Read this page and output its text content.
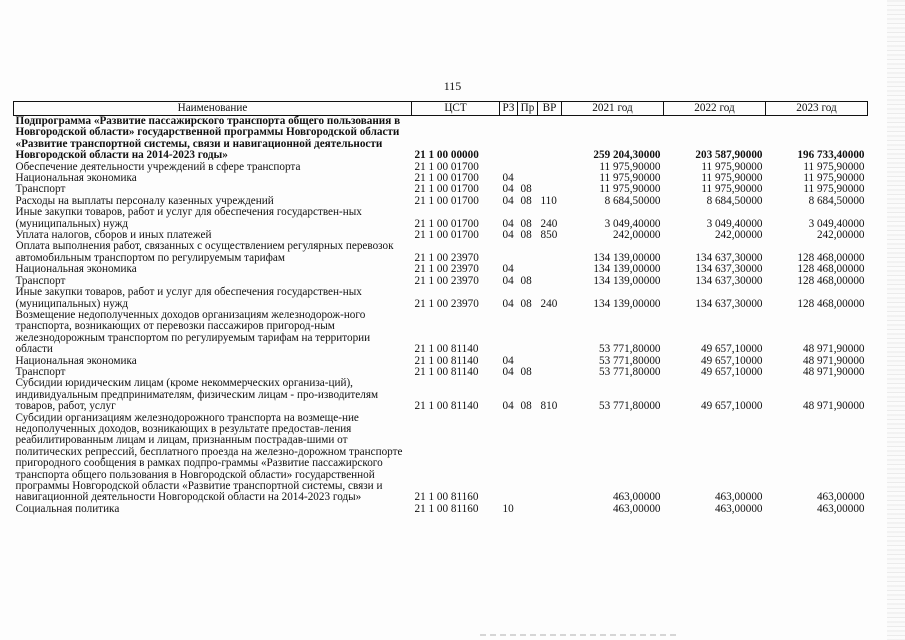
115
Наименование	ЦСТ	РЗ	Пр	ВР	2021 год	2022 год	2023 год
Подпрограмма «Развитие пассажирского транспорта общего пользования в Новгородской области» государственной программы Новгородской области «Развитие транспортной системы, связи и навигационной деятельности Новгородской области на 2014-2023 годы»	21 1 00 00000				259 204,30000	203 587,90000	196 733,40000
Обеспечение деятельности учреждений в сфере транспорта	21 1 00 01700				11 975,90000	11 975,90000	11 975,90000
Национальная экономика	21 1 00 01700	04			11 975,90000	11 975,90000	11 975,90000
Транспорт	21 1 00 01700	04	08		11 975,90000	11 975,90000	11 975,90000
Расходы на выплаты персоналу казенных учреждений	21 1 00 01700	04	08	110	8 684,50000	8 684,50000	8 684,50000
Иные закупки товаров, работ и услуг для обеспечения государствен-ных (муниципальных) нужд	21 1 00 01700	04	08	240	3 049,40000	3 049,40000	3 049,40000
Уплата налогов, сборов и иных платежей	21 1 00 01700	04	08	850	242,00000	242,00000	242,00000
Оплата выполнения работ, связанных с осуществлением регулярных перевозок автомобильным транспортом по регулируемым тарифам	21 1 00 23970				134 139,00000	134 637,30000	128 468,00000
Национальная экономика	21 1 00 23970	04			134 139,00000	134 637,30000	128 468,00000
Транспорт	21 1 00 23970	04	08		134 139,00000	134 637,30000	128 468,00000
Иные закупки товаров, работ и услуг для обеспечения государствен-ных (муниципальных) нужд	21 1 00 23970	04	08	240	134 139,00000	134 637,30000	128 468,00000
Возмещение недополученных доходов организациям железнодорож-ного транспорта, возникающих от перевозки пассажиров пригород-ным железнодорожным транспортом по регулируемым тарифам на территории области	21 1 00 81140				53 771,80000	49 657,10000	48 971,90000
Национальная экономика	21 1 00 81140	04			53 771,80000	49 657,10000	48 971,90000
Транспорт	21 1 00 81140	04	08		53 771,80000	49 657,10000	48 971,90000
Субсидии юридическим лицам (кроме некоммерческих организа-ций), индивидуальным предпринимателям, физическим лицам - про-изводителям товаров, работ, услуг	21 1 00 81140	04	08	810	53 771,80000	49 657,10000	48 971,90000
Субсидии организациям железнодорожного транспорта на возмеще-ние недополученных доходов, возникающих в результате предостав-ления реабилитированным лицам и лицам, признанным пострадав-шими от политических репрессий, бесплатного проезда на железно-дорожном транспорте пригородного сообщения в рамках подпро-граммы «Развитие пассажирского транспорта общего пользования в Новгородской области» государственной программы Новгородской области «Развитие транспортной системы, связи и навигационной деятельности Новгородской области на 2014-2023 годы»	21 1 00 81160				463,00000	463,00000	463,00000
Социальная политика	21 1 00 81160	10			463,00000	463,00000	463,00000
